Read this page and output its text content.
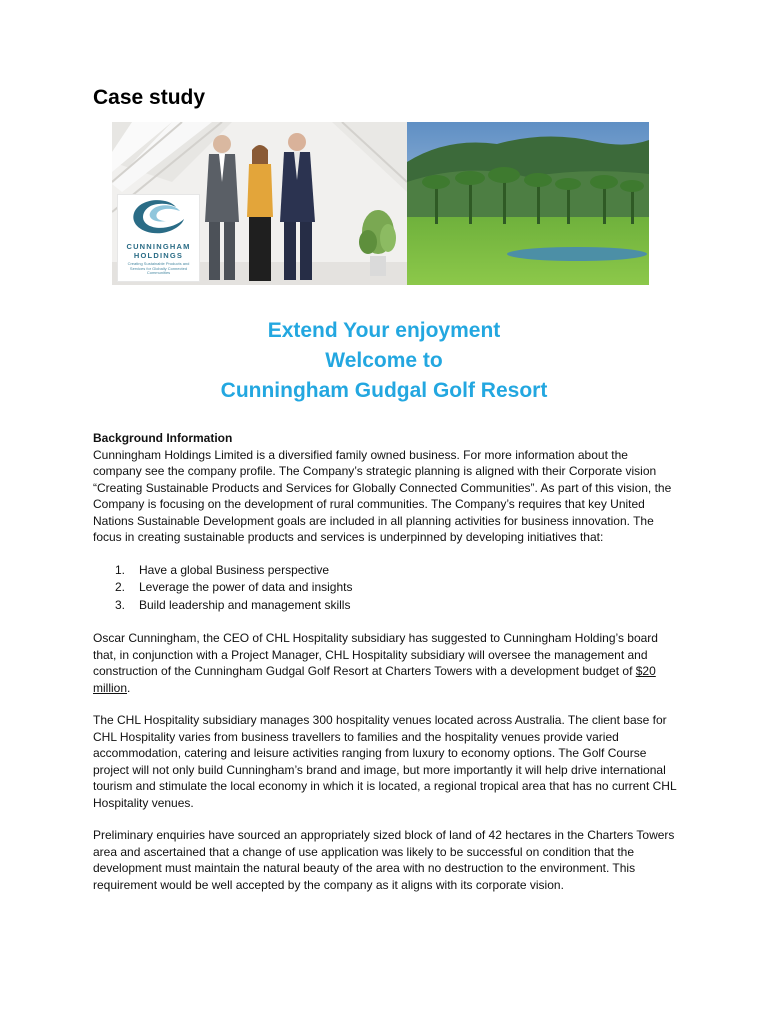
Case study
CUNNINGHAM
HOLDINGS
Creating Sustainable Products and Services for Globally Connected Communities
Extend Your enjoyment
Welcome to
Cunningham Gudgal Golf Resort
Background Information

Cunningham Holdings Limited is a diversified family owned business. For more information about the company see the company profile. The Company’s strategic planning is aligned with their Corporate vision “Creating Sustainable Products and Services for Globally Connected Communities”. As part of this vision, the Company is focusing on the development of rural communities. The Company’s requires that key United Nations Sustainable Development goals are included in all planning activities for business innovation. The focus in creating sustainable products and services is underpinned by developing initiatives that:

1. Have a global Business perspective
2. Leverage the power of data and insights
3. Build leadership and management skills

Oscar Cunningham, the CEO of CHL Hospitality subsidiary has suggested to Cunningham Holding’s board that, in conjunction with a Project Manager, CHL Hospitality subsidiary will oversee the management and construction of the Cunningham Gudgal Golf Resort at Charters Towers with a development budget of $20 million.

The CHL Hospitality subsidiary manages 300 hospitality venues located across Australia. The client base for CHL Hospitality varies from business travellers to families and the hospitality venues provide varied accommodation, catering and leisure activities ranging from luxury to economy options. The Golf Course project will not only build Cunningham’s brand and image, but more importantly it will help drive international tourism and stimulate the local economy in which it is located, a regional tropical area that has no current CHL Hospitality venues.

Preliminary enquiries have sourced an appropriately sized block of land of 42 hectares in the Charters Towers area and ascertained that a change of use application was likely to be successful on condition that the development must maintain the natural beauty of the area with no destruction to the environment. This requirement would be well accepted by the company as it aligns with its corporate vision.
